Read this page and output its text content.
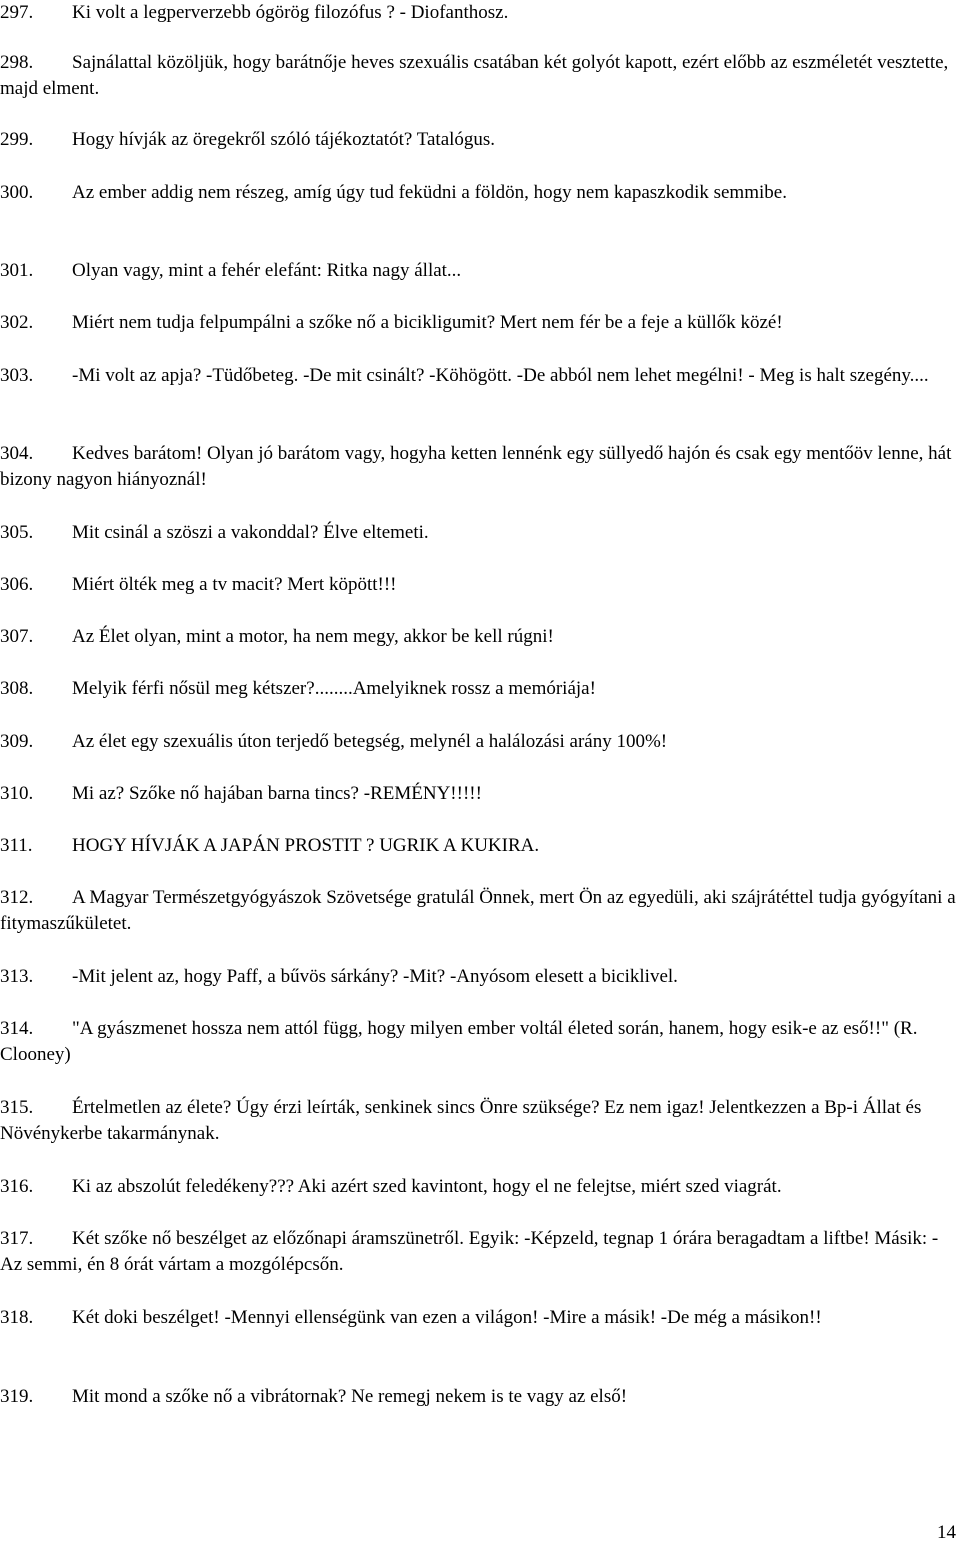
297. Ki volt a legperverzebb ógörög filozófus ? - Diofanthosz.

298. Sajnálattal közöljük, hogy barátnője heves szexuális csatában két golyót kapott, ezért előbb az eszméletét vesztette, majd elment.

299. Hogy hívják az öregekről szóló tájékoztatót? Tatalógus.

300. Az ember addig nem részeg, amíg úgy tud feküdni a földön, hogy nem kapaszkodik semmibe.

301. Olyan vagy, mint a fehér elefánt: Ritka nagy állat...

302. Miért nem tudja felpumpálni a szőke nő a bicikligumit? Mert nem fér be a feje a küllők közé!

303. -Mi volt az apja? -Tüdőbeteg. -De mit csinált? -Köhögött. -De abból nem lehet megélni! - Meg is halt szegény....

304. Kedves barátom! Olyan jó barátom vagy, hogyha ketten lennénk egy süllyedő hajón és csak egy mentőöv lenne, hát bizony nagyon hiányoznál!

305. Mit csinál a szöszi a vakonddal? Élve eltemeti.

306. Miért ölték meg a tv macit? Mert köpött!!!

307. Az Élet olyan, mint a motor, ha nem megy, akkor be kell rúgni!

308. Melyik férfi nősül meg kétszer?........Amelyiknek rossz a memóriája!

309. Az élet egy szexuális úton terjedő betegség, melynél a halálozási arány 100%!

310. Mi az? Szőke nő hajában barna tincs? -REMÉNY!!!!!

311. HOGY HÍVJÁK A JAPÁN PROSTIT ? UGRIK A KUKIRA.

312. A Magyar Természetgyógyászok Szövetsége gratulál Önnek, mert Ön az egyedüli, aki szájrátéttel tudja gyógyítani a fitymaszűkületet.

313. -Mit jelent az, hogy Paff, a bűvös sárkány? -Mit? -Anyósom elesett a biciklivel.

314. "A gyászmenet hossza nem attól függ, hogy milyen ember voltál életed során, hanem, hogy esik-e az eső!!" (R. Clooney)

315. Értelmetlen az élete? Úgy érzi leírták, senkinek sincs Önre szüksége? Ez nem igaz! Jelentkezzen a Bp-i Állat és Növénykerbe takarmánynak.

316. Ki az abszolút feledékeny??? Aki azért szed kavintont, hogy el ne felejtse, miért szed viagrát.

317. Két szőke nő beszélget az előzőnapi áramszünetről. Egyik: -Képzeld, tegnap 1 órára beragadtam a liftbe! Másik: -Az semmi, én 8 órát vártam a mozgólépcsőn.

318. Két doki beszélget! -Mennyi ellenségünk van ezen a világon! -Mire a másik! -De még a másikon!!

319. Mit mond a szőke nő a vibrátornak? Ne remegj nekem is te vagy az első!

14
